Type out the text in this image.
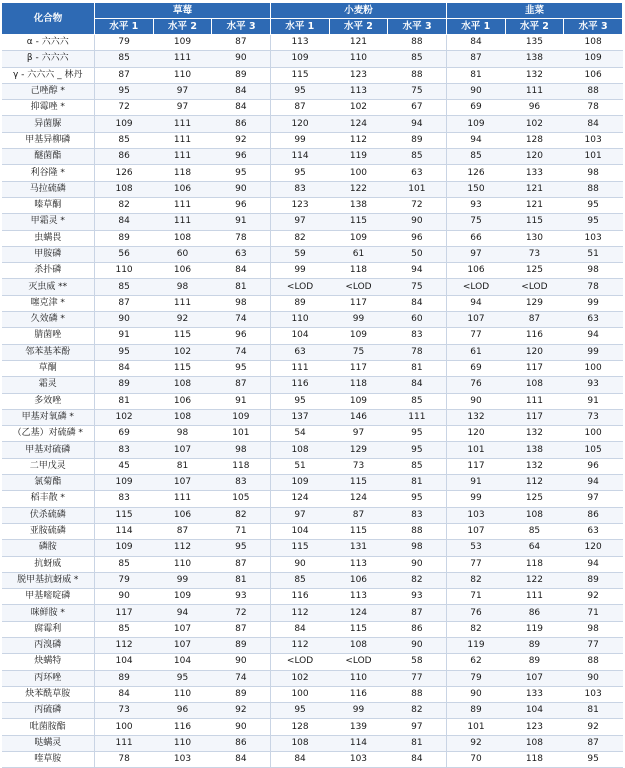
化合物	草莓			小麦粉			韭菜		
	水平 1	水平 2	水平 3	水平 1	水平 2	水平 3	水平 1	水平 2	水平 3
α - 六六六	79	109	87	113	121	88	84	135	108
β - 六六六	85	111	90	109	110	85	87	138	109
γ - 六六六 _ 林丹	87	110	89	115	123	88	81	132	106
己唑醇 *	95	97	84	95	113	75	90	111	88
抑霉唑 *	72	97	84	87	102	67	69	96	78
异菌脲	109	111	86	120	124	94	109	102	84
甲基异柳磷	85	111	92	99	112	89	94	128	103
醚菌酯	86	111	96	114	119	85	85	120	101
利谷隆 *	126	118	95	95	100	63	126	133	98
马拉硫磷	108	106	90	83	122	101	150	121	88
嗪草酮	82	111	96	123	138	72	93	121	95
甲霜灵 *	84	111	91	97	115	90	75	115	95
虫螨畏	89	108	78	82	109	96	66	130	103
甲胺磷	56	60	63	59	61	50	97	73	51
杀扑磷	110	106	84	99	118	94	106	125	98
灭虫威 **	85	98	81	<LOD	<LOD	75	<LOD	<LOD	78
噻克津 *	87	111	98	89	117	84	94	129	99
久效磷 *	90	92	74	110	99	60	107	87	63
腈菌唑	91	115	96	104	109	83	77	116	94
邻苯基苯酚	95	102	74	63	75	78	61	120	99
草酮	84	115	95	111	117	81	69	117	100
霜灵	89	108	87	116	118	84	76	108	93
多效唑	81	106	91	95	109	85	90	111	91
甲基对氧磷 *	102	108	109	137	146	111	132	117	73
（乙基）对硫磷 *	69	98	101	54	97	95	120	132	100
甲基对硫磷	83	107	98	108	129	95	101	138	105
二甲戊灵	45	81	118	51	73	85	117	132	96
氯菊酯	109	107	83	109	115	81	91	112	94
稻丰散 *	83	111	105	124	124	95	99	125	97
伏杀硫磷	115	106	82	97	87	83	103	108	86
亚胺硫磷	114	87	71	104	115	88	107	85	63
磷胺	109	112	95	115	131	98	53	64	120
抗蚜威	85	110	87	90	113	90	77	118	94
脱甲基抗蚜威 *	79	99	81	85	106	82	82	122	89
甲基嘧啶磷	90	109	93	116	113	93	71	111	92
咪鲜胺 *	117	94	72	112	124	87	76	86	71
腐霉利	85	107	87	84	115	86	82	119	98
丙溴磷	112	107	89	112	108	90	119	89	77
炔螨特	104	104	90	<LOD	<LOD	58	62	89	88
丙环唑	89	95	74	102	110	77	79	107	90
炔苯酰草胺	84	110	89	100	116	88	90	133	103
丙硫磷	73	96	92	95	99	82	89	104	81
吡菌胺酯	100	116	90	128	139	97	101	123	92
哒螨灵	111	110	86	108	114	81	92	108	87
喹草胺	78	103	84	84	103	84	70	118	95
